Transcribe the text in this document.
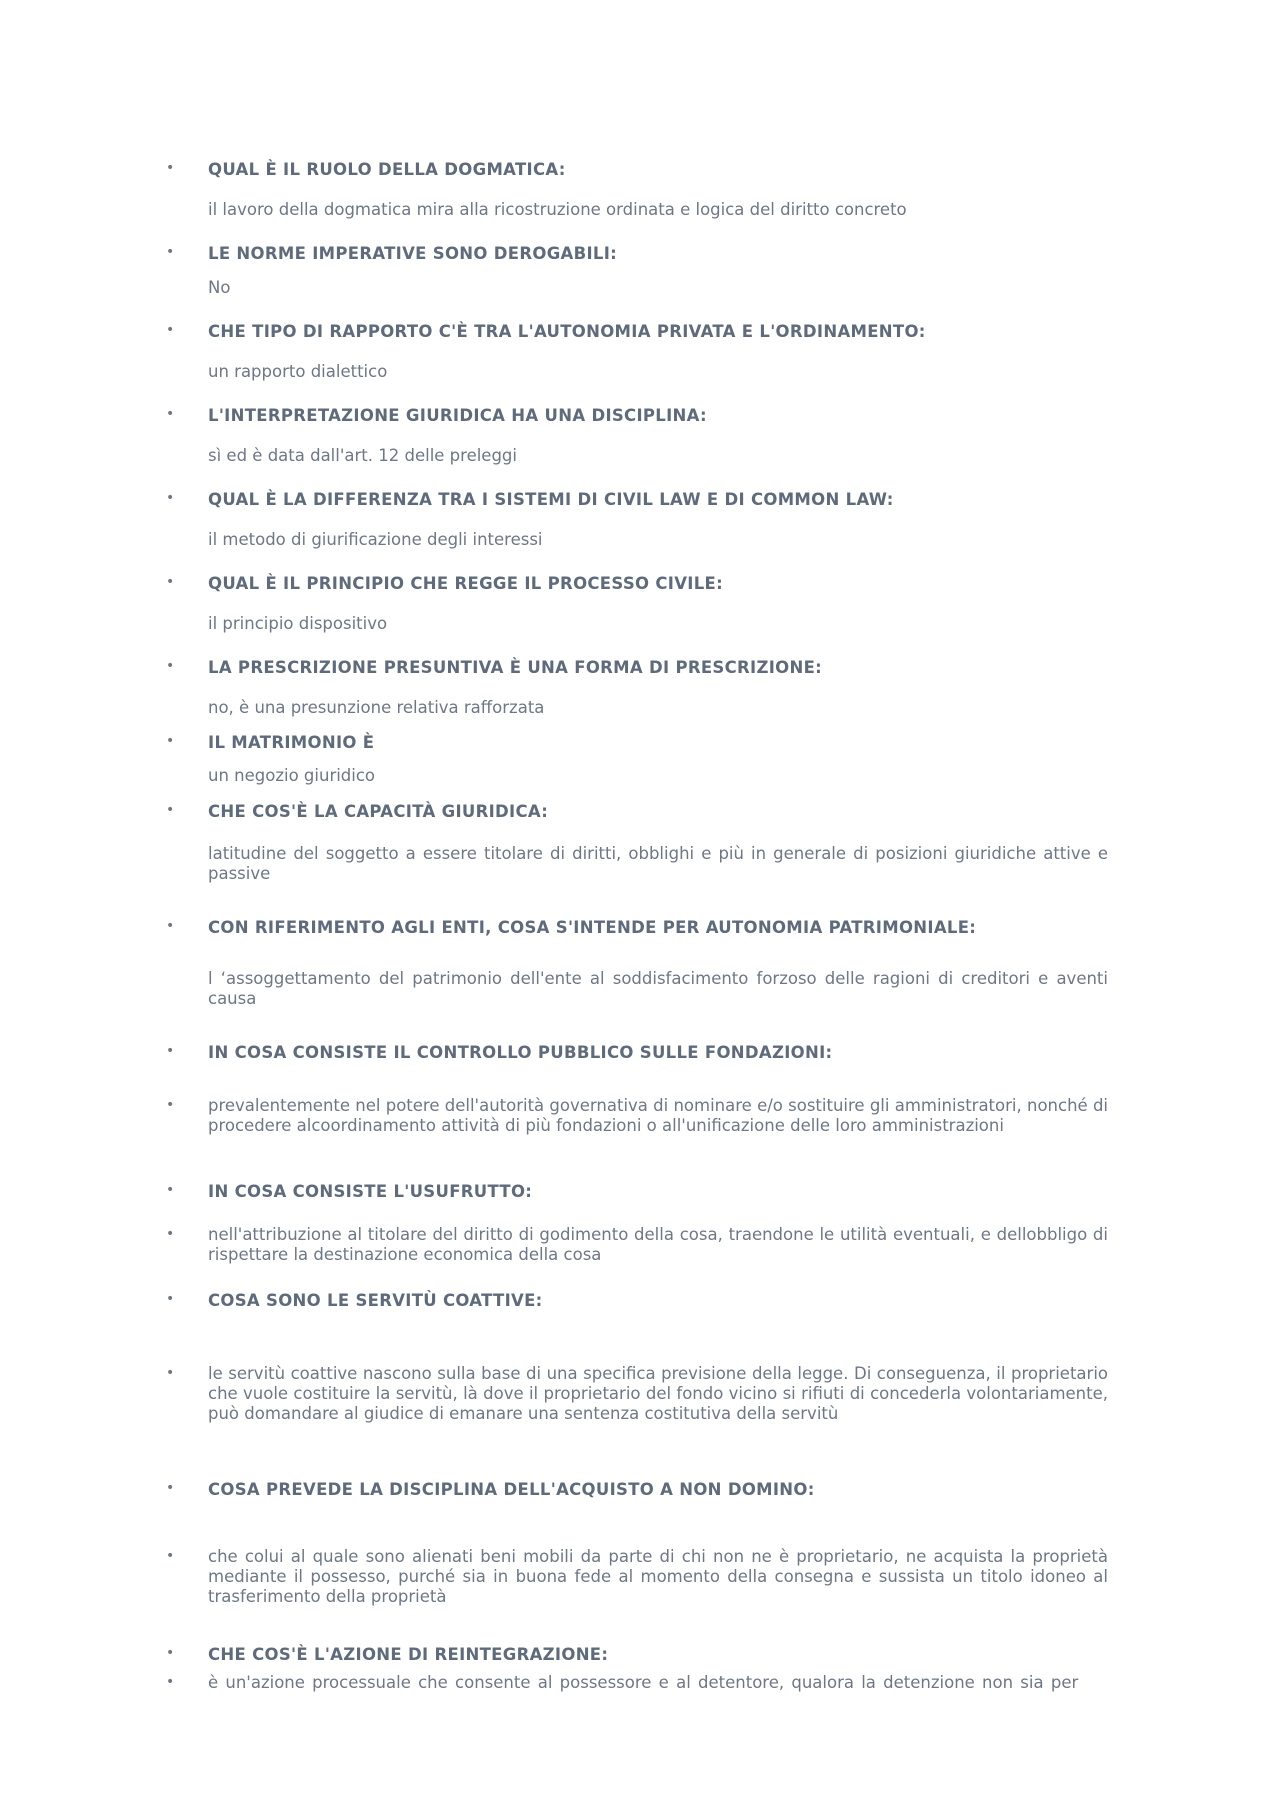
• QUAL È IL RUOLO DELLA DOGMATICA:
il lavoro della dogmatica mira alla ricostruzione ordinata e logica del diritto concreto
• LE NORME IMPERATIVE SONO DEROGABILI:
No
• CHE TIPO DI RAPPORTO C'È TRA L'AUTONOMIA PRIVATA E L'ORDINAMENTO:
un rapporto dialettico
• L'INTERPRETAZIONE GIURIDICA HA UNA DISCIPLINA:
sì ed è data dall'art. 12 delle preleggi
• QUAL È LA DIFFERENZA TRA I SISTEMI DI CIVIL LAW E DI COMMON LAW:
il metodo di giurificazione degli interessi
• QUAL È IL PRINCIPIO CHE REGGE IL PROCESSO CIVILE:
il principio dispositivo
• LA PRESCRIZIONE PRESUNTIVA È UNA FORMA DI PRESCRIZIONE:
no, è una presunzione relativa rafforzata
• IL MATRIMONIO È
un negozio giuridico
• CHE COS'È LA CAPACITÀ GIURIDICA:
latitudine del soggetto a essere titolare di diritti, obblighi e più in generale di posizioni giuridiche attive e passive
• CON RIFERIMENTO AGLI ENTI, COSA S'INTENDE PER AUTONOMIA PATRIMONIALE:
l ‘assoggettamento del patrimonio dell'ente al soddisfacimento forzoso delle ragioni di creditori e aventi causa
• IN COSA CONSISTE IL CONTROLLO PUBBLICO SULLE FONDAZIONI:
• prevalentemente nel potere dell'autorità governativa di nominare e/o sostituire gli amministratori, nonché di procedere alcoordinamento attività di più fondazioni o all'unificazione delle loro amministrazioni
• IN COSA CONSISTE L'USUFRUTTO:
• nell'attribuzione al titolare del diritto di godimento della cosa, traendone le utilità eventuali, e dellobbligo di rispettare la destinazione economica della cosa
• COSA SONO LE SERVITÙ COATTIVE:
• le servitù coattive nascono sulla base di una specifica previsione della legge. Di conseguenza, il proprietario che vuole costituire la servitù, là dove il proprietario del fondo vicino si rifiuti di concederla volontariamente, può domandare al giudice di emanare una sentenza costitutiva della servitù
• COSA PREVEDE LA DISCIPLINA DELL'ACQUISTO A NON DOMINO:
• che colui al quale sono alienati beni mobili da parte di chi non ne è proprietario, ne acquista la proprietà mediante il possesso, purché sia in buona fede al momento della consegna e sussista un titolo idoneo al trasferimento della proprietà
• CHE COS'È L'AZIONE DI REINTEGRAZIONE:
• è un'azione processuale che consente al possessore e al detentore, qualora la detenzione non sia per
